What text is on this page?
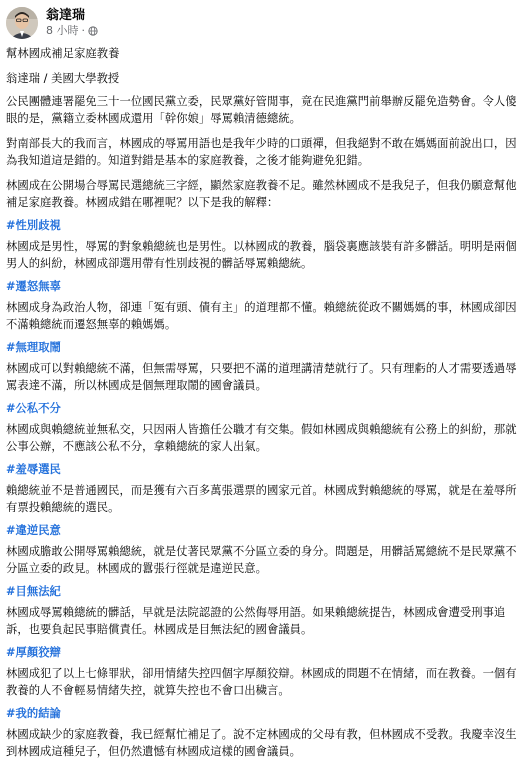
翁達瑞
8 小時 ·

幫林國成補足家庭教養

翁達瑞 / 美國大學教授

公民團體連署罷免三十一位國民黨立委，民眾黨好管閒事，竟在民進黨門前舉辦反罷免造勢會。令人傻眼的是，黨籍立委林國成還用「幹你娘」辱罵賴清德總統。

對南部長大的我而言，林國成的辱罵用語也是我年少時的口頭禪，但我絕對不敢在媽媽面前說出口，因為我知道這是錯的。知道對錯是基本的家庭教養，之後才能夠避免犯錯。

林國成在公開場合辱罵民選總統三字經，顯然家庭教養不足。雖然林國成不是我兒子，但我仍願意幫他補足家庭教養。林國成錯在哪裡呢？以下是我的解釋：

#性別歧視

林國成是男性，辱罵的對象賴總統也是男性。以林國成的教養，腦袋裏應該裝有許多髒話。明明是兩個男人的糾紛，林國成卻選用帶有性別歧視的髒話辱罵賴總統。

#遷怒無辜

林國成身為政治人物，卻連「冤有頭、債有主」的道理都不懂。賴總統從政不關媽媽的事，林國成卻因不滿賴總統而遷怒無辜的賴媽媽。

#無理取鬧

林國成可以對賴總統不滿，但無需辱罵，只要把不滿的道理講清楚就行了。只有理虧的人才需要透過辱罵表達不滿，所以林國成是個無理取鬧的國會議員。

#公私不分

林國成與賴總統並無私交，只因兩人皆擔任公職才有交集。假如林國成與賴總統有公務上的糾紛，那就公事公辦，不應該公私不分，拿賴總統的家人出氣。

#羞辱選民

賴總統並不是普通國民，而是獲有六百多萬張選票的國家元首。林國成對賴總統的辱罵，就是在羞辱所有票投賴總統的選民。

#違逆民意

林國成膽敢公開辱罵賴總統，就是仗著民眾黨不分區立委的身分。問題是，用髒話罵總統不是民眾黨不分區立委的政見。林國成的囂張行徑就是違逆民意。

#目無法紀

林國成辱罵賴總統的髒話，早就是法院認證的公然侮辱用語。如果賴總統提告，林國成會遭受刑事追訴，也要負起民事賠償責任。林國成是目無法紀的國會議員。

#厚顏狡辯

林國成犯了以上七條罪狀，卻用情緒失控四個字厚顏狡辯。林國成的問題不在情緒，而在教養。一個有教養的人不會輕易情緒失控，就算失控也不會口出穢言。

#我的結論

林國成缺少的家庭教養，我已經幫忙補足了。說不定林國成的父母有教，但林國成不受教。我慶幸沒生到林國成這種兒子，但仍然遺憾有林國成這樣的國會議員。
